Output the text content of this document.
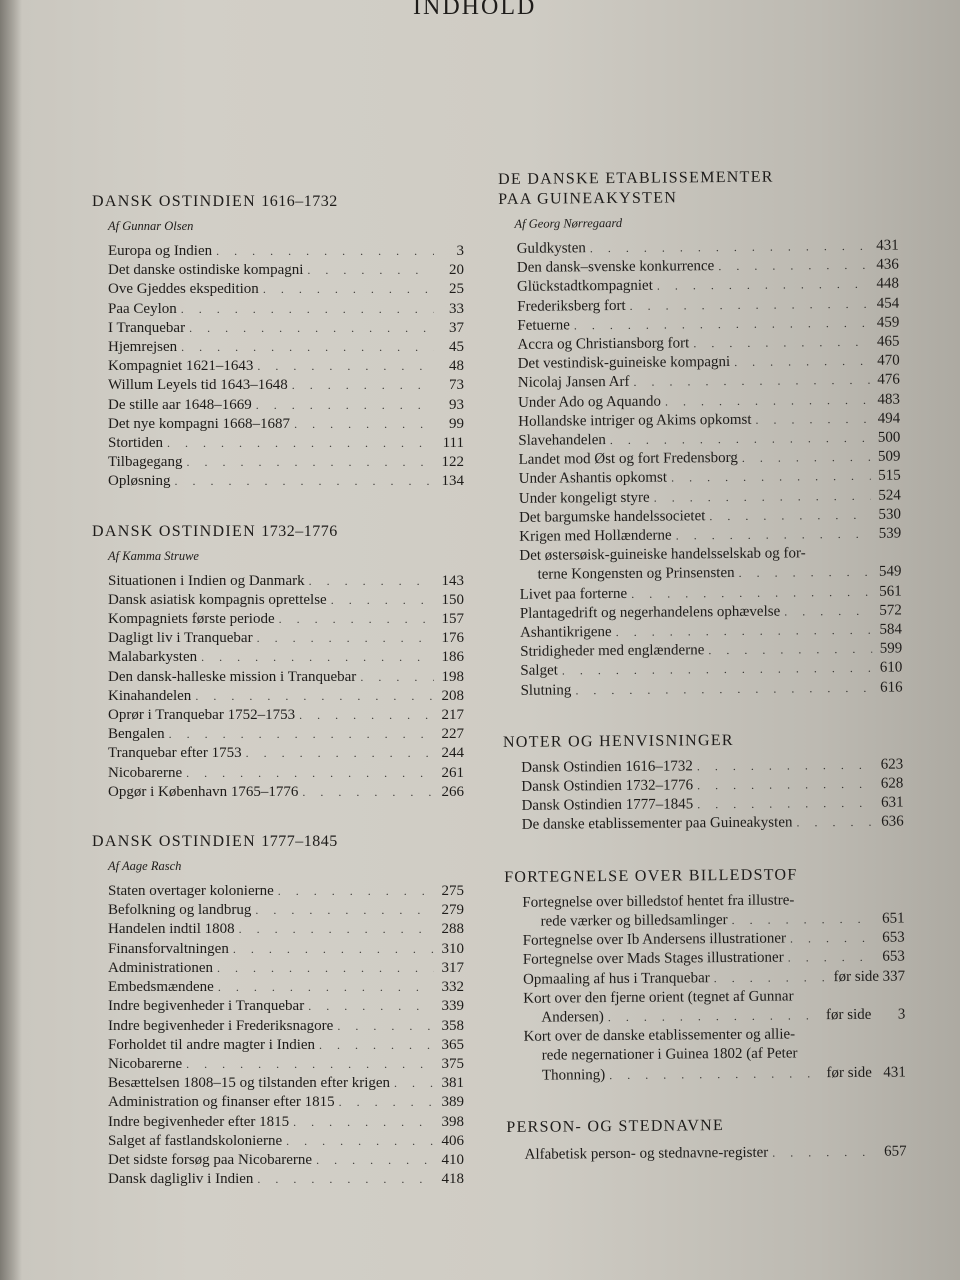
INDHOLD
DANSK OSTINDIEN 1616–1732
Af Gunnar Olsen
Europa og Indien . . .	3
Det danske ostindiske kompagni . . .	20
Ove Gjeddes ekspedition . . .	25
Paa Ceylon . . .	33
I Tranquebar . . .	37
Hjemrejsen . . .	45
Kompagniet 1621–1643 . . .	48
Willum Leyels tid 1643–1648 . . .	73
De stille aar 1648–1669 . . .	93
Det nye kompagni 1668–1687 . . .	99
Stortiden . . .	111
Tilbagegang . . .	122
Opløsning . . .	134
DANSK OSTINDIEN 1732–1776
Af Kamma Struwe
Situationen i Indien og Danmark . . .	143
Dansk asiatisk kompagnis oprettelse . . .	150
Kompagniets første periode . . .	157
Dagligt liv i Tranquebar . . .	176
Malabarkysten . . .	186
Den dansk-halleske mission i Tranquebar . . .	198
Kinahandelen . . .	208
Oprør i Tranquebar 1752–1753 . . .	217
Bengalen . . .	227
Tranquebar efter 1753 . . .	244
Nicobarerne . . .	261
Opgør i København 1765–1776 . . .	266
DANSK OSTINDIEN 1777–1845
Af Aage Rasch
Staten overtager kolonierne . . .	275
Befolkning og landbrug . . .	279
Handelen indtil 1808 . . .	288
Finansforvaltningen . . .	310
Administrationen . . .	317
Embedsmændene . . .	332
Indre begivenheder i Tranquebar . . .	339
Indre begivenheder i Frederiksnagore . . .	358
Forholdet til andre magter i Indien . . .	365
Nicobarerne . . .	375
Besættelsen 1808–15 og tilstanden efter krigen . . .	381
Administration og finanser efter 1815 . . .	389
Indre begivenheder efter 1815 . . .	398
Salget af fastlandskolonierne . . .	406
Det sidste forsøg paa Nicobarerne . . .	410
Dansk dagligliv i Indien . . .	418
DE DANSKE ETABLISSEMENTER
PAA GUINEAKYSTEN
Af Georg Nørregaard
Guldkysten . . .	431
Den dansk–svenske konkurrence . . .	436
Glückstadtkompagniet . . .	448
Frederiksberg fort . . .	454
Fetuerne . . .	459
Accra og Christiansborg fort . . .	465
Det vestindisk-guineiske kompagni . . .	470
Nicolaj Jansen Arf . . .	476
Under Ado og Aquando . . .	483
Hollandske intriger og Akims opkomst . . .	494
Slavehandelen . . .	500
Landet mod Øst og fort Fredensborg . . .	509
Under Ashantis opkomst . . .	515
Under kongeligt styre . . .	524
Det bargumske handelssocietet . . .	530
Krigen med Hollænderne . . .	539
Det østersøisk-guineiske handelsselskab og for-
terne Kongensten og Prinsensten . . .	549
Livet paa forterne . . .	561
Plantagedrift og negerhandelens ophævelse . . .	572
Ashantikrigene . . .	584
Stridigheder med englænderne . . .	599
Salget . . .	610
Slutning . . .	616
NOTER OG HENVISNINGER
Dansk Ostindien 1616–1732 . . .	623
Dansk Ostindien 1732–1776 . . .	628
Dansk Ostindien 1777–1845 . . .	631
De danske etablissementer paa Guineakysten . . .	636
FORTEGNELSE OVER BILLEDSTOF
Fortegnelse over billedstof hentet fra illustre-
rede værker og billedsamlinger . . .	651
Fortegnelse over Ib Andersens illustrationer . . .	653
Fortegnelse over Mads Stages illustrationer . . .	653
Opmaaling af hus i Tranquebar . . .	før side 337
Kort over den fjerne orient (tegnet af Gunnar
Andersen) . . .	før side	3
Kort over de danske etablissementer og allie-
rede negernationer i Guinea 1802 (af Peter
Thonning) . . .	før side 431
PERSON- OG STEDNAVNE
Alfabetisk person- og stednavne-register . . .	657
